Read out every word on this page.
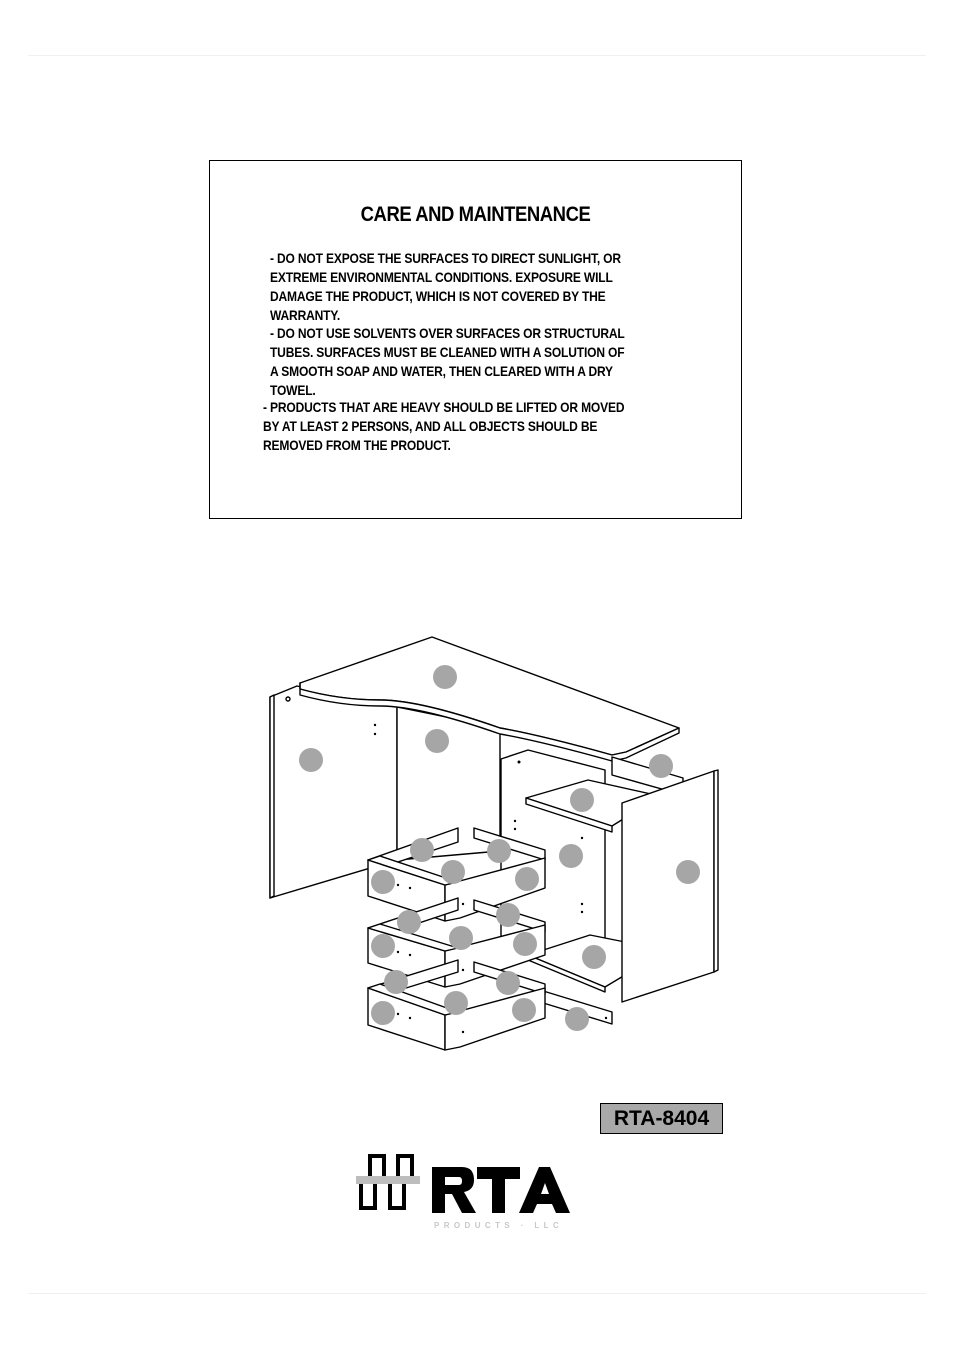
CARE AND MAINTENANCE

- DO NOT EXPOSE THE SURFACES TO DIRECT SUNLIGHT, OR
EXTREME ENVIRONMENTAL CONDITIONS. EXPOSURE WILL
DAMAGE THE PRODUCT, WHICH IS NOT COVERED BY THE
WARRANTY.

- DO NOT USE SOLVENTS OVER SURFACES OR STRUCTURAL
TUBES. SURFACES MUST BE CLEANED WITH A SOLUTION OF
A SMOOTH SOAP AND WATER, THEN CLEARED WITH A DRY
TOWEL.

- PRODUCTS THAT ARE HEAVY SHOULD BE LIFTED OR MOVED
BY AT LEAST 2 PERSONS, AND ALL OBJECTS SHOULD BE
REMOVED FROM THE PRODUCT.

RTA-8404
PRODUCTS · LLC
